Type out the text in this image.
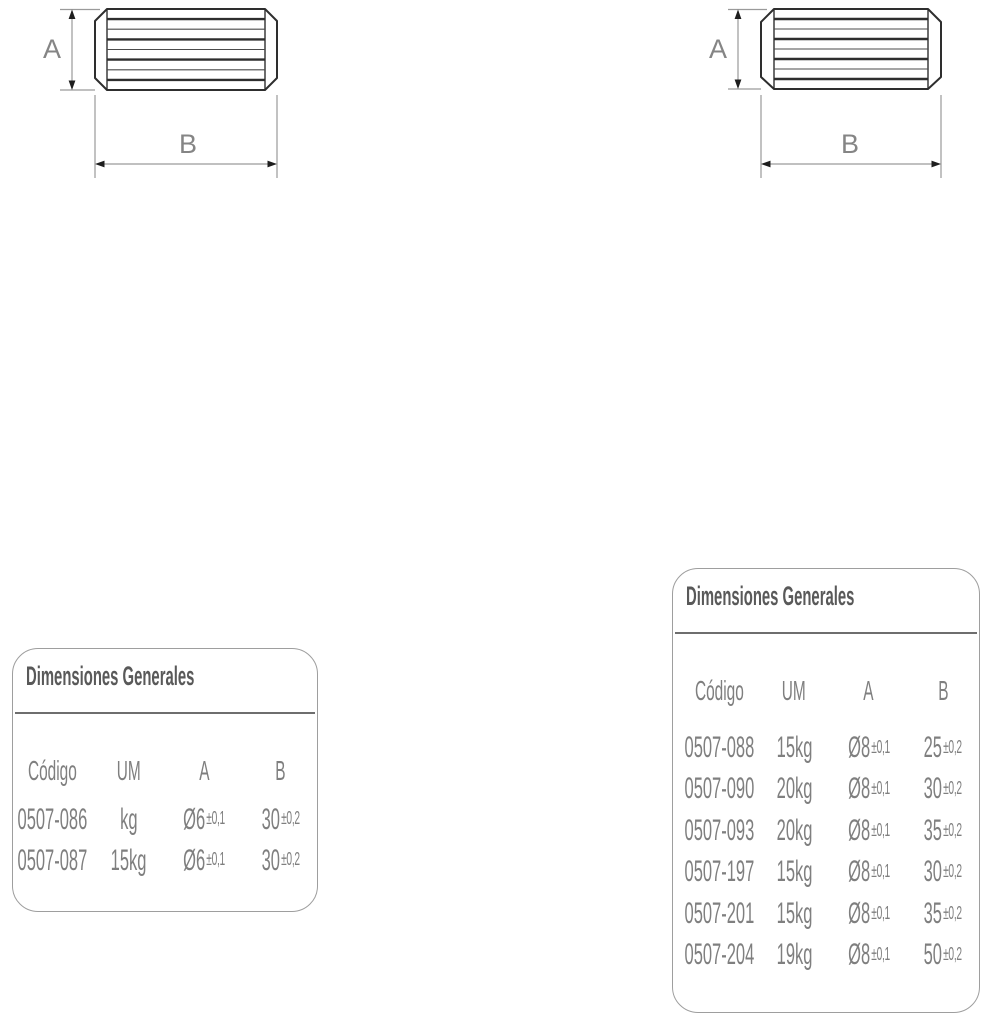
A
B
A
B
Dimensiones Generales
Código UM A B
0507-086 kg Ø6±0,1 30±0,2
0507-087 15kg Ø6±0,1 30±0,2
Dimensiones Generales
Código UM A B
0507-088 15kg Ø8±0,1 25±0,2
0507-090 20kg Ø8±0,1 30±0,2
0507-093 20kg Ø8±0,1 35±0,2
0507-197 15kg Ø8±0,1 30±0,2
0507-201 15kg Ø8±0,1 35±0,2
0507-204 19kg Ø8±0,1 50±0,2
